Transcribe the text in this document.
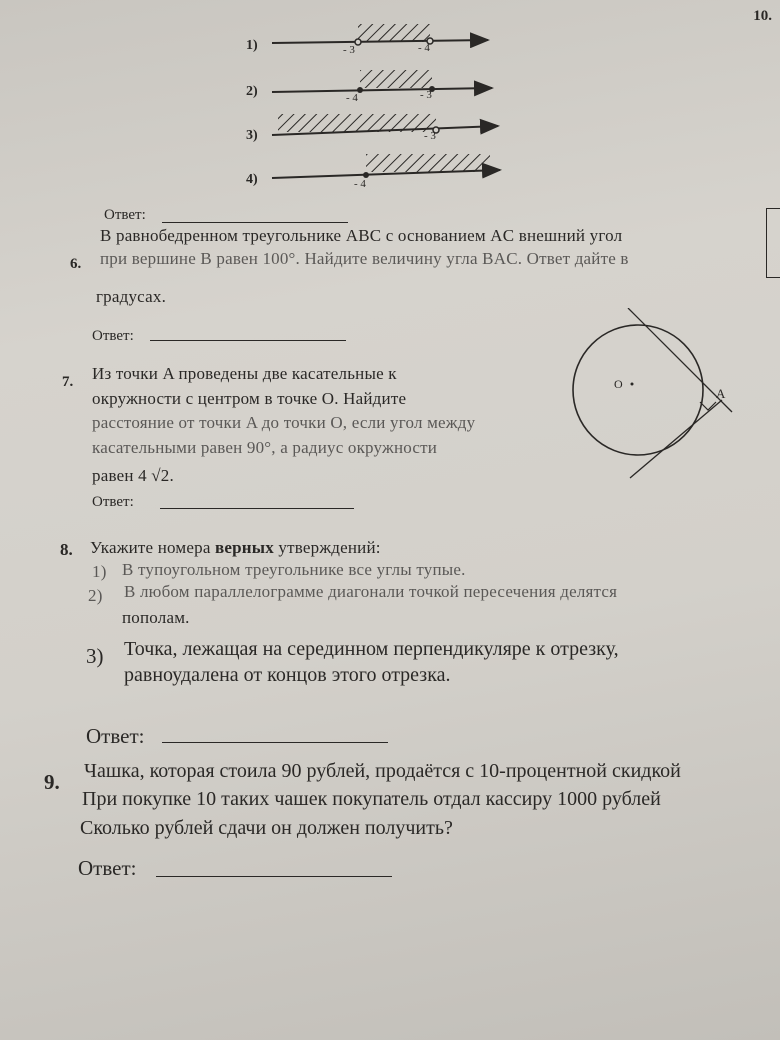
10.
1)
2)
3)
4)
- 3	- 4
- 4	- 3
- 3
- 4
Ответ:
6.
В равнобедренном треугольнике ABC с основанием AC внешний угол
при вершине B равен 100°. Найдите величину угла BAC. Ответ дайте в
градусах.
Ответ:
7. Из точки A проведены две касательные к
окружности с центром в точке O. Найдите
расстояние от точки A до точки O, если угол между
касательными равен 90°, а радиус окружности
равен 4 √2.
Ответ:
O
A
8. Укажите номера верных утверждений:
1) В тупоугольном треугольнике все углы тупые.
2) В любом параллелограмме диагонали точкой пересечения делятся
пополам.
3) Точка, лежащая на серединном перпендикуляре к отрезку,
равноудалена от концов этого отрезка.
Ответ:
9. Чашка, которая стоила 90 рублей, продаётся с 10-процентной скидкой
При покупке 10 таких чашек покупатель отдал кассиру 1000 рублей
Сколько рублей сдачи он должен получить?
Ответ:
